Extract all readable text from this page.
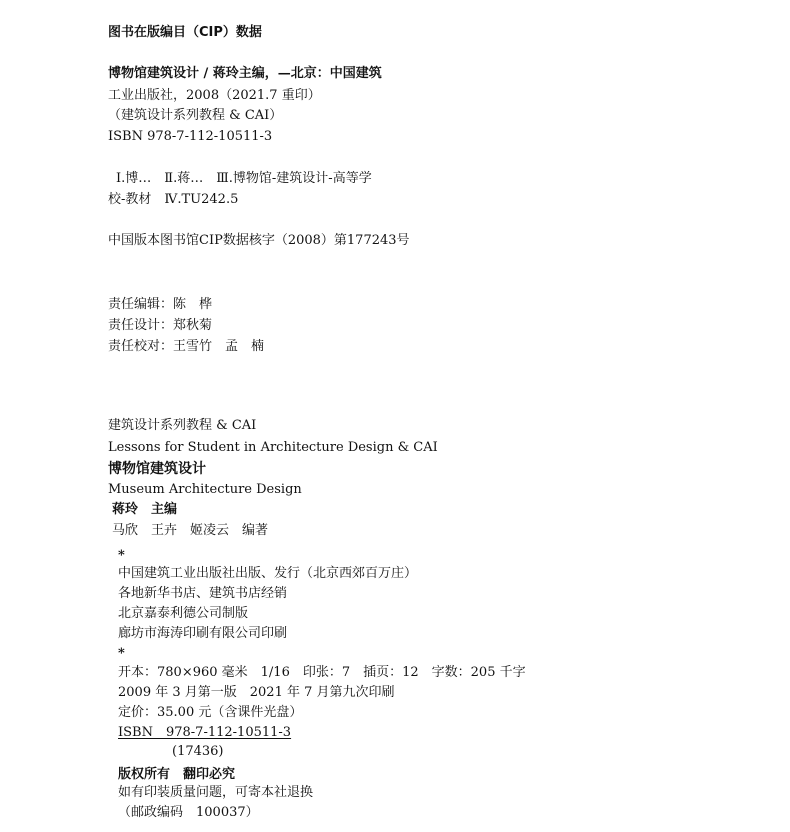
图书在版编目（CIP）数据
博物馆建筑设计 / 蒋玲主编，—北京：中国建筑
工业出版社，2008（2021.7 重印）
（建筑设计系列教程 & CAI）
ISBN 978-7-112-10511-3
Ⅰ.博…　Ⅱ.蒋…　Ⅲ.博物馆-建筑设计-高等学
校-教材　Ⅳ.TU242.5
中国版本图书馆CIP数据核字（2008）第177243号
责任编辑：陈　桦
责任设计：郑秋菊
责任校对：王雪竹　孟　楠
建筑设计系列教程 & CAI
Lessons for Student in Architecture Design & CAI
博物馆建筑设计
Museum Architecture Design
蒋玲　主编
马欣　王卉　姬凌云　编著
*
中国建筑工业出版社出版、发行（北京西郊百万庄）
各地新华书店、建筑书店经销
北京嘉泰利德公司制版
廊坊市海涛印刷有限公司印刷
*
开本：780×960 毫米　1/16　印张：7　插页：12　字数：205 千字
2009 年 3 月第一版　2021 年 7 月第九次印刷
定价：35.00 元（含课件光盘）
ISBN　978-7-112-10511-3
(17436)
版权所有　翻印必究
如有印装质量问题，可寄本社退换
（邮政编码　100037）
